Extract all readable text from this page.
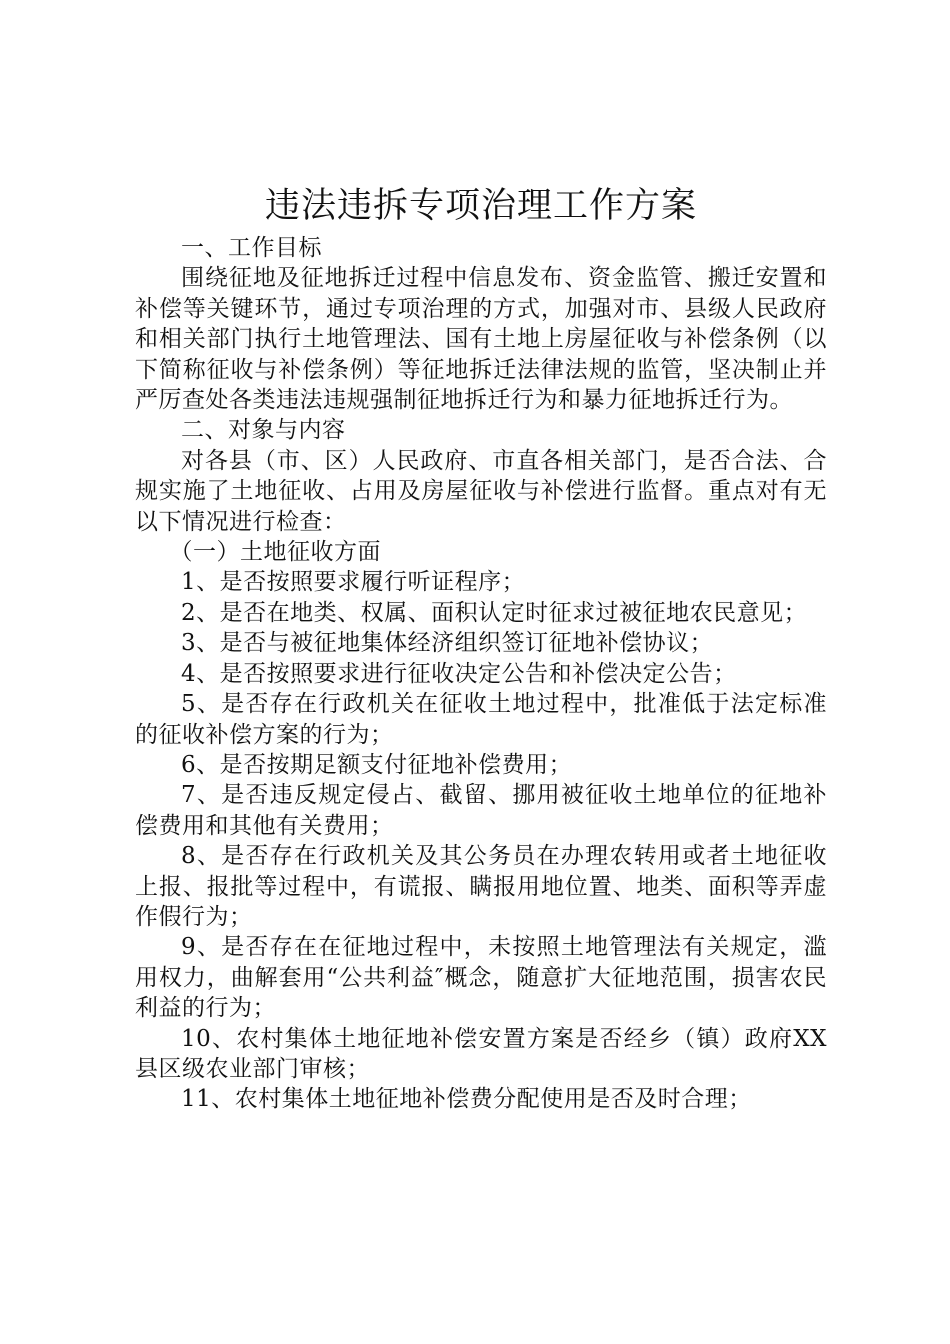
违法违拆专项治理工作方案

一、工作目标

围绕征地及征地拆迁过程中信息发布、资金监管、搬迁安置和补偿等关键环节，通过专项治理的方式，加强对市、县级人民政府和相关部门执行土地管理法、国有土地上房屋征收与补偿条例（以下简称征收与补偿条例）等征地拆迁法律法规的监管，坚决制止并严厉查处各类违法违规强制征地拆迁行为和暴力征地拆迁行为。

二、对象与内容

对各县（市、区）人民政府、市直各相关部门，是否合法、合规实施了土地征收、占用及房屋征收与补偿进行监督。重点对有无以下情况进行检查：

（一）土地征收方面

1、是否按照要求履行听证程序；

2、是否在地类、权属、面积认定时征求过被征地农民意见；

3、是否与被征地集体经济组织签订征地补偿协议；

4、是否按照要求进行征收决定公告和补偿决定公告；

5、是否存在行政机关在征收土地过程中，批准低于法定标准的征收补偿方案的行为；

6、是否按期足额支付征地补偿费用；

7、是否违反规定侵占、截留、挪用被征收土地单位的征地补偿费用和其他有关费用；

8、是否存在行政机关及其公务员在办理农转用或者土地征收上报、报批等过程中，有谎报、瞒报用地位置、地类、面积等弄虚作假行为；

9、是否存在在征地过程中，未按照土地管理法有关规定，滥用权力，曲解套用“公共利益″概念，随意扩大征地范围，损害农民利益的行为；

10、农村集体土地征地补偿安置方案是否经乡（镇）政府XX县区级农业部门审核；

11、农村集体土地征地补偿费分配使用是否及时合理；
